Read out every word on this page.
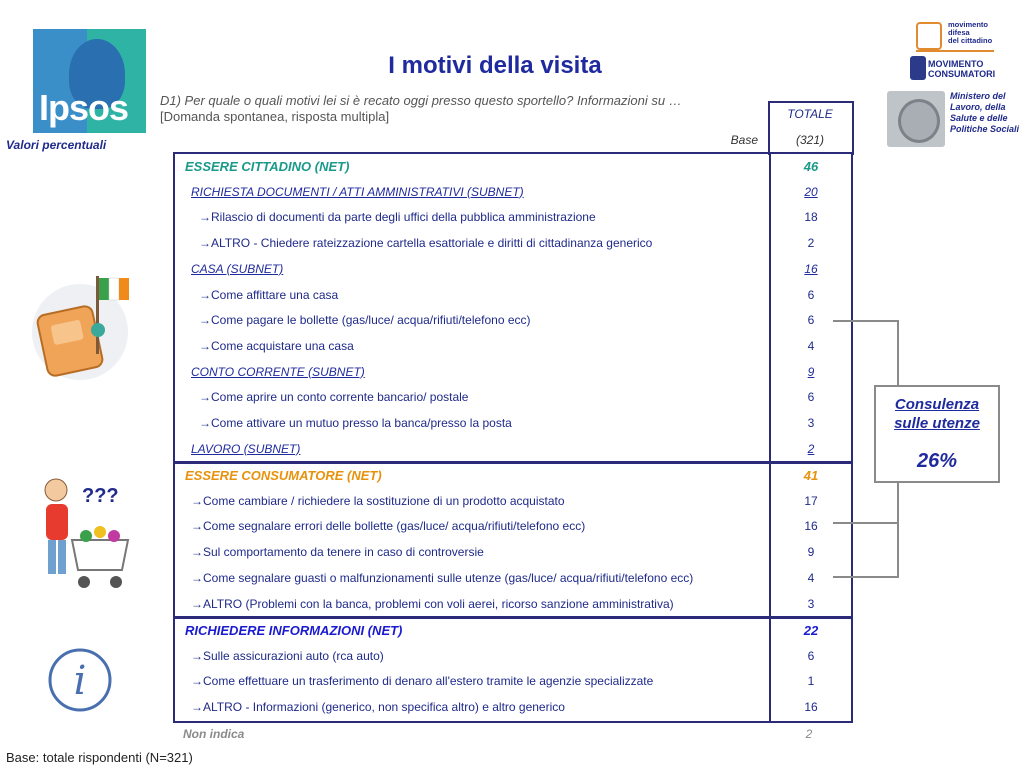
Ipsos
Valori percentuali
I motivi della visita
D1) Per quale o quali motivi lei si è recato oggi presso questo sportello? Informazioni su …
[Domanda spontanea, risposta multipla]
Base
movimento
difesa
del cittadino
MOVIMENTO
CONSUMATORI
Ministero del Lavoro, della Salute e delle Politiche Sociali
TOTALE
(321)
ESSERE CITTADINO (NET)	46
RICHIESTA DOCUMENTI / ATTI AMMINISTRATIVI (SUBNET)	20
→Rilascio di documenti da parte degli uffici della pubblica amministrazione	18
→ALTRO - Chiedere rateizzazione cartella esattoriale e diritti di cittadinanza generico	2
CASA (SUBNET)	16
→Come affittare una casa	6
→Come pagare le bollette (gas/luce/ acqua/rifiuti/telefono ecc)	6
→Come acquistare una casa	4
CONTO CORRENTE (SUBNET)	9
→Come aprire un conto corrente bancario/ postale	6
→Come attivare un mutuo presso la banca/presso la posta	3
LAVORO (SUBNET)	2
ESSERE CONSUMATORE (NET)	41
→Come cambiare / richiedere la sostituzione di un prodotto acquistato	17
→Come segnalare errori delle bollette (gas/luce/ acqua/rifiuti/telefono ecc)	16
→Sul comportamento da tenere in caso di controversie	9
→Come segnalare guasti o malfunzionamenti sulle utenze (gas/luce/ acqua/rifiuti/telefono ecc)	4
→ALTRO (Problemi con la banca, problemi con voli aerei, ricorso sanzione amministrativa)	3
RICHIEDERE INFORMAZIONI (NET)	22
→Sulle assicurazioni auto (rca auto)	6
→Come effettuare un trasferimento di denaro all'estero tramite le agenzie specializzate	1
→ALTRO - Informazioni (generico, non specifica altro) e altro generico	16
Non indica	2
Consulenza
sulle utenze
26%
???
i
Base: totale rispondenti (N=321)
